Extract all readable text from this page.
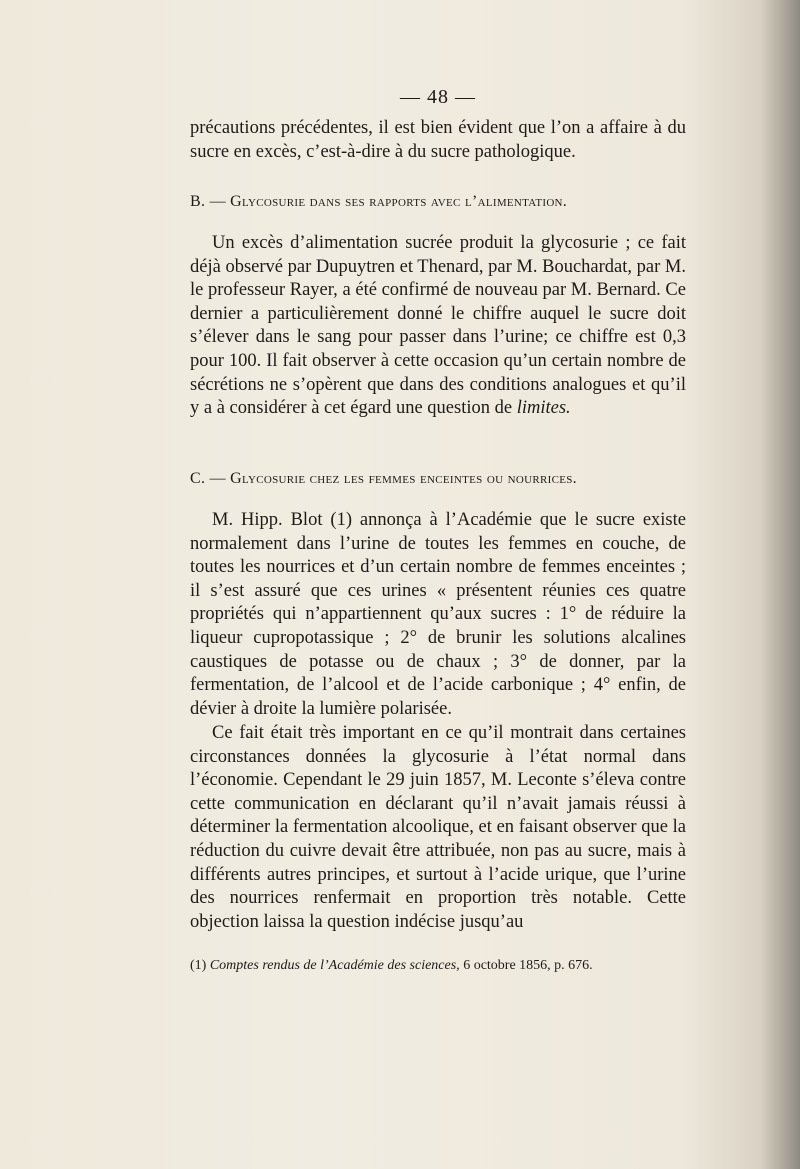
— 48 —

précautions précédentes, il est bien évident que l’on a affaire à du sucre en excès, c’est-à-dire à du sucre pathologique.

B. — Glycosurie dans ses rapports avec l’alimentation.

Un excès d’alimentation sucrée produit la glycosurie ; ce fait déjà observé par Dupuytren et Thenard, par M. Bouchardat, par M. le professeur Rayer, a été confirmé de nouveau par M. Bernard. Ce dernier a particulièrement donné le chiffre auquel le sucre doit s’élever dans le sang pour passer dans l’urine; ce chiffre est 0,3 pour 100. Il fait observer à cette occasion qu’un certain nombre de sécrétions ne s’opèrent que dans des conditions analogues et qu’il y a à considérer à cet égard une question de limites.

C. — Glycosurie chez les femmes enceintes ou nourrices.

M. Hipp. Blot (1) annonça à l’Académie que le sucre existe normalement dans l’urine de toutes les femmes en couche, de toutes les nourrices et d’un certain nombre de femmes enceintes ; il s’est assuré que ces urines « présentent réunies ces quatre propriétés qui n’appartiennent qu’aux sucres : 1° de réduire la liqueur cupropotassique ; 2° de brunir les solutions alcalines caustiques de potasse ou de chaux ; 3° de donner, par la fermentation, de l’alcool et de l’acide carbonique ; 4° enfin, de dévier à droite la lumière polarisée.

Ce fait était très important en ce qu’il montrait dans certaines circonstances données la glycosurie à l’état normal dans l’économie. Cependant le 29 juin 1857, M. Leconte s’éleva contre cette communication en déclarant qu’il n’avait jamais réussi à déterminer la fermentation alcoolique, et en faisant observer que la réduction du cuivre devait être attribuée, non pas au sucre, mais à différents autres principes, et surtout à l’acide urique, que l’urine des nourrices renfermait en proportion très notable. Cette objection laissa la question indécise jusqu’au

(1) Comptes rendus de l’Académie des sciences, 6 octobre 1856, p. 676.
